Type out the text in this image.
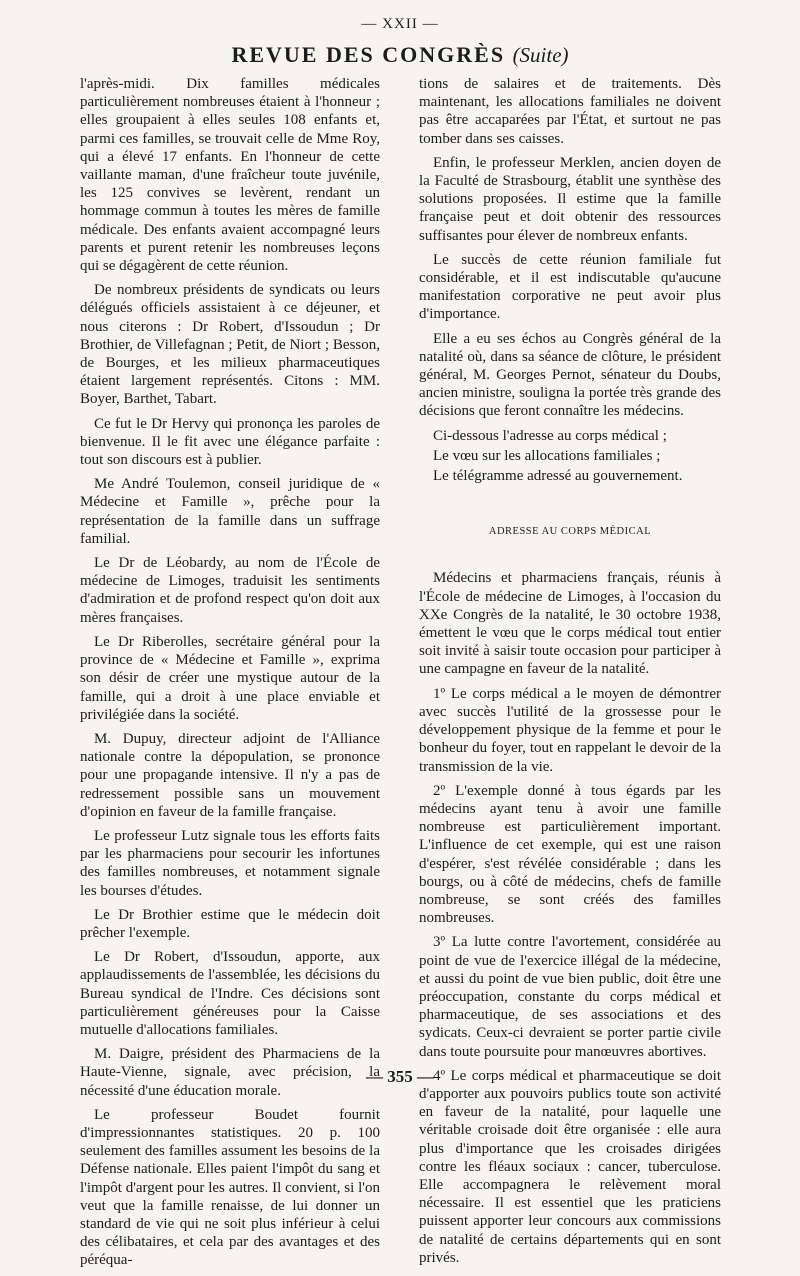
— XXII —
REVUE DES CONGRÈS (Suite)

l'après-midi. Dix familles médicales particulièrement nombreuses étaient à l'honneur ; elles groupaient à elles seules 108 enfants et, parmi ces familles, se trouvait celle de Mme Roy, qui a élevé 17 enfants. En l'honneur de cette vaillante maman, d'une fraîcheur toute juvénile, les 125 convives se levèrent, rendant un hommage commun à toutes les mères de famille médicale. Des enfants avaient accompagné leurs parents et purent retenir les nombreuses leçons qui se dégagèrent de cette réunion.

De nombreux présidents de syndicats ou leurs délégués officiels assistaient à ce déjeuner, et nous citerons : Dr Robert, d'Issoudun ; Dr Brothier, de Villefagnan ; Petit, de Niort ; Besson, de Bourges, et les milieux pharmaceutiques étaient largement représentés. Citons : MM. Boyer, Barthet, Tabart.

Ce fut le Dr Hervy qui prononça les paroles de bienvenue. Il le fit avec une élégance parfaite : tout son discours est à publier.

Me André Toulemon, conseil juridique de « Médecine et Famille », prêche pour la représentation de la famille dans un suffrage familial.

Le Dr de Léobardy, au nom de l'École de médecine de Limoges, traduisit les sentiments d'admiration et de profond respect qu'on doit aux mères françaises.

Le Dr Riberolles, secrétaire général pour la province de « Médecine et Famille », exprima son désir de créer une mystique autour de la famille, qui a droit à une place enviable et privilégiée dans la société.

M. Dupuy, directeur adjoint de l'Alliance nationale contre la dépopulation, se prononce pour une propagande intensive. Il n'y a pas de redressement possible sans un mouvement d'opinion en faveur de la famille française.

Le professeur Lutz signale tous les efforts faits par les pharmaciens pour secourir les infortunes des familles nombreuses, et notamment signale les bourses d'études.

Le Dr Brothier estime que le médecin doit prêcher l'exemple.

Le Dr Robert, d'Issoudun, apporte, aux applaudissements de l'assemblée, les décisions du Bureau syndical de l'Indre. Ces décisions sont particulièrement généreuses pour la Caisse mutuelle d'allocations familiales.

M. Daigre, président des Pharmaciens de la Haute-Vienne, signale, avec précision, la nécessité d'une éducation morale.

Le professeur Boudet fournit d'impressionnantes statistiques. 20 p. 100 seulement des familles assument les besoins de la Défense nationale. Elles paient l'impôt du sang et l'impôt d'argent pour les autres. Il convient, si l'on veut que la famille renaisse, de lui donner un standard de vie qui ne soit plus inférieur à celui des célibataires, et cela par des avantages et des péréqua-

tions de salaires et de traitements. Dès maintenant, les allocations familiales ne doivent pas être accaparées par l'État, et surtout ne pas tomber dans ses caisses.

Enfin, le professeur Merklen, ancien doyen de la Faculté de Strasbourg, établit une synthèse des solutions proposées. Il estime que la famille française peut et doit obtenir des ressources suffisantes pour élever de nombreux enfants.

Le succès de cette réunion familiale fut considérable, et il est indiscutable qu'aucune manifestation corporative ne peut avoir plus d'importance.

Elle a eu ses échos au Congrès général de la natalité où, dans sa séance de clôture, le président général, M. Georges Pernot, sénateur du Doubs, ancien ministre, souligna la portée très grande des décisions que feront connaître les médecins.

Ci-dessous l'adresse au corps médical ;

Le vœu sur les allocations familiales ;

Le télégramme adressé au gouvernement.

ADRESSE AU CORPS MÉDICAL

Médecins et pharmaciens français, réunis à l'École de médecine de Limoges, à l'occasion du XXe Congrès de la natalité, le 30 octobre 1938, émettent le vœu que le corps médical tout entier soit invité à saisir toute occasion pour participer à une campagne en faveur de la natalité.

1º Le corps médical a le moyen de démontrer avec succès l'utilité de la grossesse pour le développement physique de la femme et pour le bonheur du foyer, tout en rappelant le devoir de la transmission de la vie.

2º L'exemple donné à tous égards par les médecins ayant tenu à avoir une famille nombreuse est particulièrement important. L'influence de cet exemple, qui est une raison d'espérer, s'est révélée considérable ; dans les bourgs, ou à côté de médecins, chefs de famille nombreuse, se sont créés des familles nombreuses.

3º La lutte contre l'avortement, considérée au point de vue de l'exercice illégal de la médecine, et aussi du point de vue bien public, doit être une préoccupation, constante du corps médical et pharmaceutique, de ses associations et des sydicats. Ceux-ci devraient se porter partie civile dans toute poursuite pour manœuvres abortives.

4º Le corps médical et pharmaceutique se doit d'apporter aux pouvoirs publics toute son activité en faveur de la natalité, pour laquelle une véritable croisade doit être organisée : elle aura plus d'importance que les croisades dirigées contre les fléaux sociaux : cancer, tuberculose. Elle accompagnera le relèvement moral nécessaire. Il est essentiel que les praticiens puissent apporter leur concours aux commissions de natalité de certains départements qui en sont privés.

— 355 —
